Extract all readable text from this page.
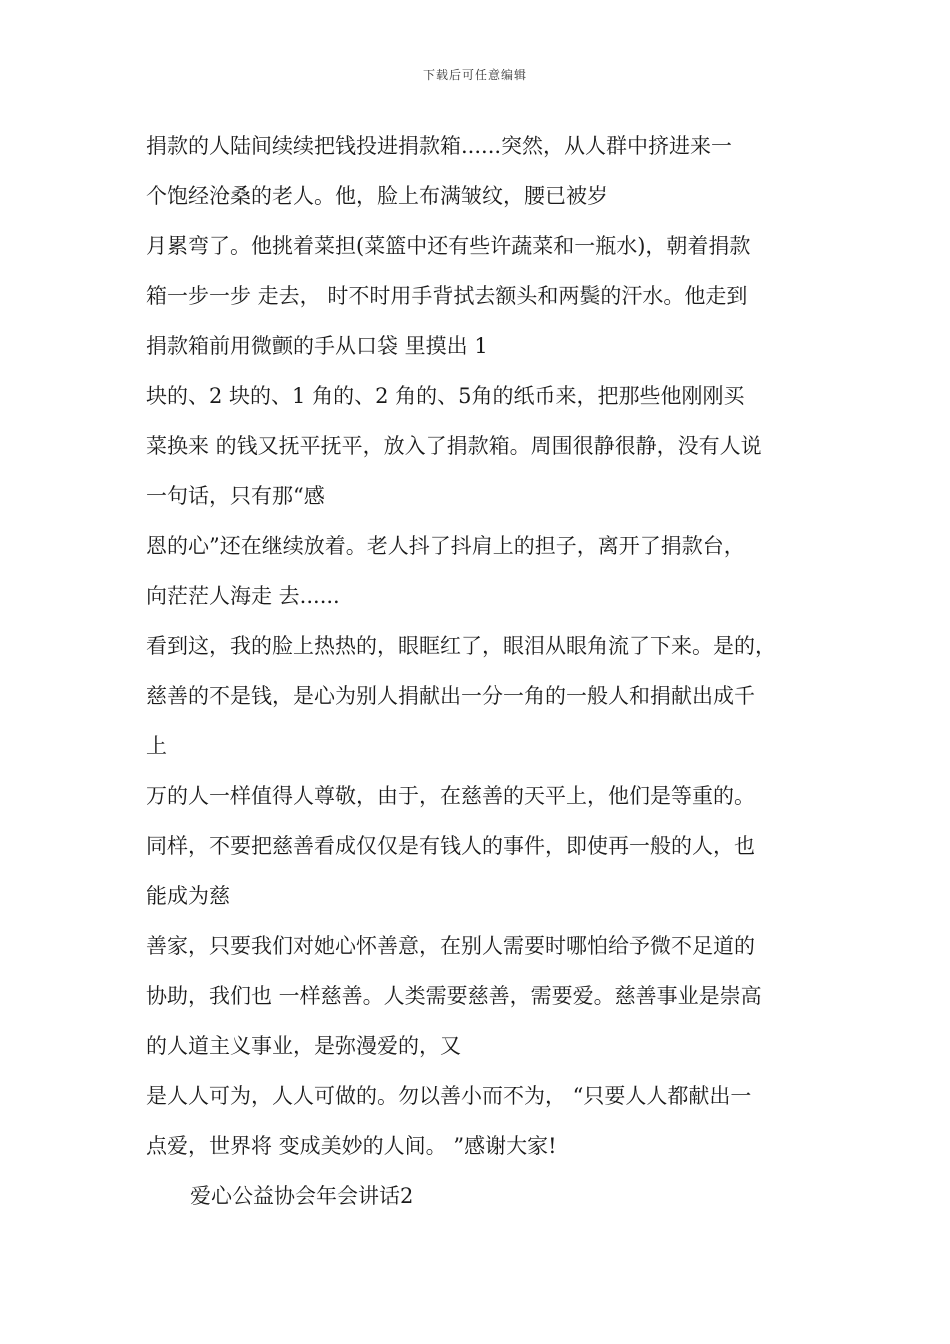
下载后可任意编辑
捐款的人陆间续续把钱投进捐款箱......突然，从人群中挤进来一
个饱经沧桑的老人。他，脸上布满皱纹，腰已被岁
月累弯了。他挑着菜担(菜篮中还有些许蔬菜和一瓶水)，朝着捐款
箱一步一步 走去， 时不时用手背拭去额头和两鬓的汗水。他走到
捐款箱前用微颤的手从口袋 里摸出 1
块的、2 块的、1 角的、2 角的、5角的纸币来，把那些他刚刚买
菜换来 的钱又抚平抚平，放入了捐款箱。周围很静很静，没有人说
一句话，只有那“感
恩的心”还在继续放着。老人抖了抖肩上的担子，离开了捐款台，
向茫茫人海走 去......
看到这，我的脸上热热的，眼眶红了，眼泪从眼角流了下来。是的，
慈善的不是钱，是心为别人捐献出一分一角的一般人和捐献出成千
上
万的人一样值得人尊敬，由于，在慈善的天平上，他们是等重的。
同样，不要把慈善看成仅仅是有钱人的事件，即使再一般的人，也
能成为慈
善家，只要我们对她心怀善意，在别人需要时哪怕给予微不足道的
协助，我们也 一样慈善。人类需要慈善，需要爱。慈善事业是崇高
的人道主义事业，是弥漫爱的，又
是人人可为，人人可做的。勿以善小而不为， “只要人人都献出一
点爱，世界将 变成美妙的人间。 ”感谢大家!
爱心公益协会年会讲话2
